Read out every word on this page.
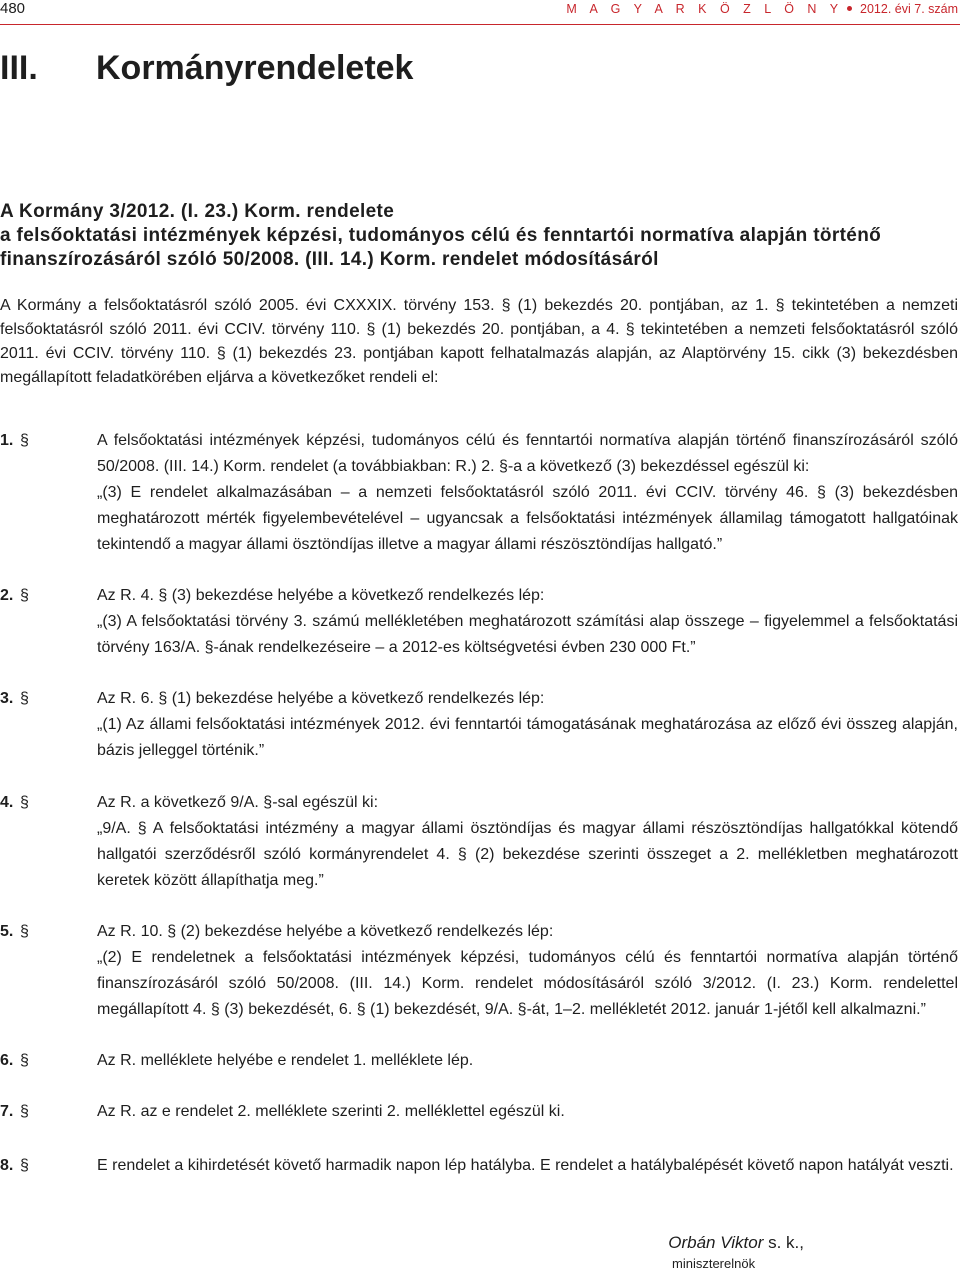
480	M A G Y A R K Ö Z L Ö N Y 2012. évi 7. szám
III. Kormányrendeletek
A Kormány 3/2012. (I. 23.) Korm. rendelete
a felsőoktatási intézmények képzési, tudományos célú és fenntartói normatíva alapján történő
finanszírozásáról szóló 50/2008. (III. 14.) Korm. rendelet módosításáról

A Kormány a felsőoktatásról szóló 2005. évi CXXXIX. törvény 153. § (1) bekezdés 20. pontjában, az 1. § tekintetében a nemzeti felsőoktatásról szóló 2011. évi CCIV. törvény 110. § (1) bekezdés 20. pontjában, a 4. § tekintetében a nemzeti felsőoktatásról szóló 2011. évi CCIV. törvény 110. § (1) bekezdés 23. pontjában kapott felhatalmazás alapján, az Alaptörvény 15. cikk (3) bekezdésben megállapított feladatkörében eljárva a következőket rendeli el:

1. §	A felsőoktatási intézmények képzési, tudományos célú és fenntartói normatíva alapján történő finanszírozásáról szóló 50/2008. (III. 14.) Korm. rendelet (a továbbiakban: R.) 2. §-a a következő (3) bekezdéssel egészül ki:

„(3) E rendelet alkalmazásában – a nemzeti felsőoktatásról szóló 2011. évi CCIV. törvény 46. § (3) bekezdésben meghatározott mérték figyelembevételével – ugyancsak a felsőoktatási intézmények államilag támogatott hallgatóinak tekintendő a magyar állami ösztöndíjas illetve a magyar állami részösztöndíjas hallgató.”

2. §	Az R. 4. § (3) bekezdése helyébe a következő rendelkezés lép:

„(3) A felsőoktatási törvény 3. számú mellékletében meghatározott számítási alap összege – figyelemmel a felsőoktatási törvény 163/A. §-ának rendelkezéseire – a 2012-es költségvetési évben 230 000 Ft.”

3. §	Az R. 6. § (1) bekezdése helyébe a következő rendelkezés lép:

„(1) Az állami felsőoktatási intézmények 2012. évi fenntartói támogatásának meghatározása az előző évi összeg alapján, bázis jelleggel történik.”

4. §	Az R. a következő 9/A. §-sal egészül ki:

„9/A. § A felsőoktatási intézmény a magyar állami ösztöndíjas és magyar állami részösztöndíjas hallgatókkal kötendő hallgatói szerződésről szóló kormányrendelet 4. § (2) bekezdése szerinti összeget a 2. mellékletben meghatározott keretek között állapíthatja meg.”

5. §	Az R. 10. § (2) bekezdése helyébe a következő rendelkezés lép:

„(2) E rendeletnek a felsőoktatási intézmények képzési, tudományos célú és fenntartói normatíva alapján történő finanszírozásáról szóló 50/2008. (III. 14.) Korm. rendelet módosításáról szóló 3/2012. (I. 23.) Korm. rendelettel megállapított 4. § (3) bekezdését, 6. § (1) bekezdését, 9/A. §-át, 1–2. mellékletét 2012. január 1-jétől kell alkalmazni.”

6. §	Az R. melléklete helyébe e rendelet 1. melléklete lép.

7. §	Az R. az e rendelet 2. melléklete szerinti 2. melléklettel egészül ki.

8. §	E rendelet a kihirdetését követő harmadik napon lép hatályba. E rendelet a hatálybalépését követő napon hatályát veszti.

Orbán Viktor s. k.,
miniszterelnök
